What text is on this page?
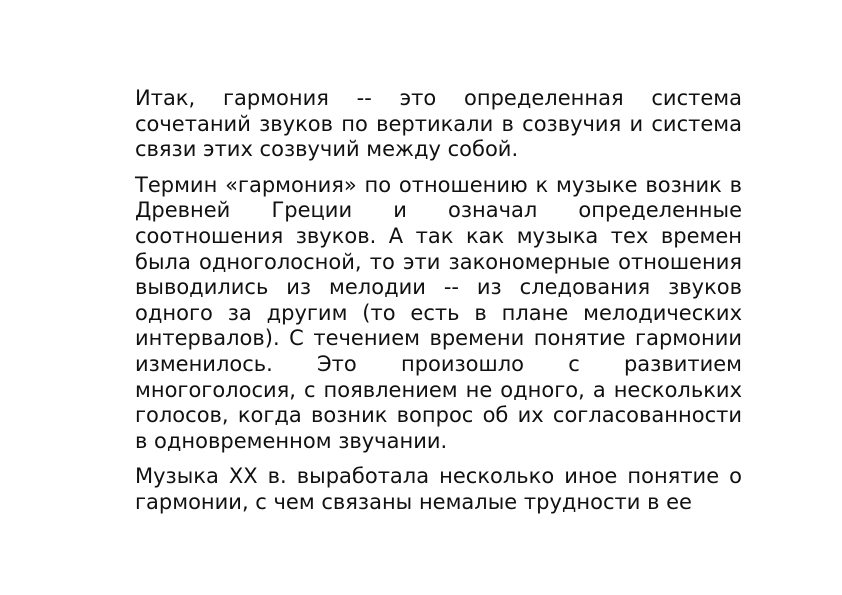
Итак, гармония -- это определенная система сочетаний звуков по вертикали в созвучия и система связи этих созвучий между собой.

Термин «гармония» по отношению к музыке возник в Древней Греции и означал определенные соотношения звуков. А так как музыка тех времен была одноголосной, то эти закономерные отношения выводились из мелодии -- из следования звуков одного за другим (то есть в плане мелодических интервалов). С течением времени понятие гармонии изменилось. Это произошло с развитием многоголосия, с появлением не одного, а нескольких голосов, когда возник вопрос об их согласованности в одновременном звучании.

Музыка XX в. выработала несколько иное понятие о гармонии, с чем связаны немалые трудности в ее
